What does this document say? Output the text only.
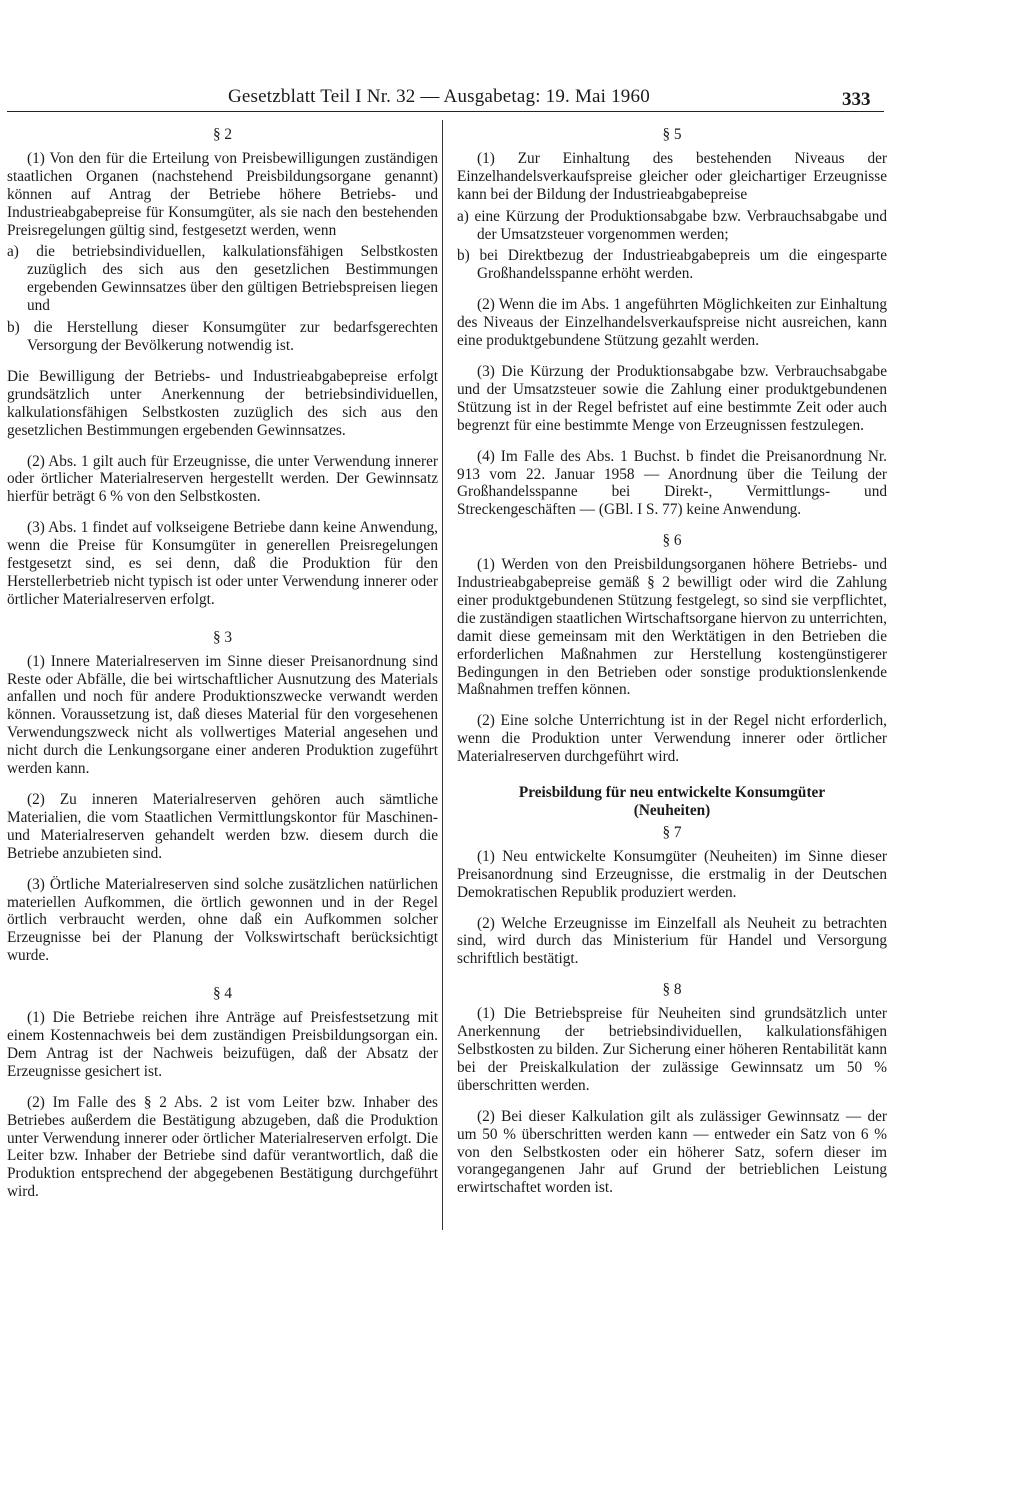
Gesetzblatt Teil I Nr. 32 — Ausgabetag: 19. Mai 1960	333
§ 2

(1) Von den für die Erteilung von Preisbewilligungen zuständigen staatlichen Organen (nachstehend Preisbildungsorgane genannt) können auf Antrag der Betriebe höhere Betriebs- und Industrieabgabepreise für Konsumgüter, als sie nach den bestehenden Preisregelungen gültig sind, festgesetzt werden, wenn

a) die betriebsindividuellen, kalkulationsfähigen Selbstkosten zuzüglich des sich aus den gesetzlichen Bestimmungen ergebenden Gewinnsatzes über den gültigen Betriebspreisen liegen und

b) die Herstellung dieser Konsumgüter zur bedarfsgerechten Versorgung der Bevölkerung notwendig ist.

Die Bewilligung der Betriebs- und Industrieabgabepreise erfolgt grundsätzlich unter Anerkennung der betriebsindividuellen, kalkulationsfähigen Selbstkosten zuzüglich des sich aus den gesetzlichen Bestimmungen ergebenden Gewinnsatzes.

(2) Abs. 1 gilt auch für Erzeugnisse, die unter Verwendung innerer oder örtlicher Materialreserven hergestellt werden. Der Gewinnsatz hierfür beträgt 6 % von den Selbstkosten.

(3) Abs. 1 findet auf volkseigene Betriebe dann keine Anwendung, wenn die Preise für Konsumgüter in generellen Preisregelungen festgesetzt sind, es sei denn, daß die Produktion für den Herstellerbetrieb nicht typisch ist oder unter Verwendung innerer oder örtlicher Materialreserven erfolgt.

§ 3

(1) Innere Materialreserven im Sinne dieser Preisanordnung sind Reste oder Abfälle, die bei wirtschaftlicher Ausnutzung des Materials anfallen und noch für andere Produktionszwecke verwandt werden können. Voraussetzung ist, daß dieses Material für den vorgesehenen Verwendungszweck nicht als vollwertiges Material angesehen und nicht durch die Lenkungsorgane einer anderen Produktion zugeführt werden kann.

(2) Zu inneren Materialreserven gehören auch sämtliche Materialien, die vom Staatlichen Vermittlungskontor für Maschinen- und Materialreserven gehandelt werden bzw. diesem durch die Betriebe anzubieten sind.

(3) Örtliche Materialreserven sind solche zusätzlichen natürlichen materiellen Aufkommen, die örtlich gewonnen und in der Regel örtlich verbraucht werden, ohne daß ein Aufkommen solcher Erzeugnisse bei der Planung der Volkswirtschaft berücksichtigt wurde.

§ 4

(1) Die Betriebe reichen ihre Anträge auf Preisfestsetzung mit einem Kostennachweis bei dem zuständigen Preisbildungsorgan ein. Dem Antrag ist der Nachweis beizufügen, daß der Absatz der Erzeugnisse gesichert ist.

(2) Im Falle des § 2 Abs. 2 ist vom Leiter bzw. Inhaber des Betriebes außerdem die Bestätigung abzugeben, daß die Produktion unter Verwendung innerer oder örtlicher Materialreserven erfolgt. Die Leiter bzw. Inhaber der Betriebe sind dafür verantwortlich, daß die Produktion entsprechend der abgegebenen Bestätigung durchgeführt wird.

§ 5

(1) Zur Einhaltung des bestehenden Niveaus der Einzelhandelsverkaufspreise gleicher oder gleichartiger Erzeugnisse kann bei der Bildung der Industrieabgabepreise

a) eine Kürzung der Produktionsabgabe bzw. Verbrauchsabgabe und der Umsatzsteuer vorgenommen werden;

b) bei Direktbezug der Industrieabgabepreis um die eingesparte Großhandelsspanne erhöht werden.

(2) Wenn die im Abs. 1 angeführten Möglichkeiten zur Einhaltung des Niveaus der Einzelhandelsverkaufspreise nicht ausreichen, kann eine produktgebundene Stützung gezahlt werden.

(3) Die Kürzung der Produktionsabgabe bzw. Verbrauchsabgabe und der Umsatzsteuer sowie die Zahlung einer produktgebundenen Stützung ist in der Regel befristet auf eine bestimmte Zeit oder auch begrenzt für eine bestimmte Menge von Erzeugnissen festzulegen.

(4) Im Falle des Abs. 1 Buchst. b findet die Preisanordnung Nr. 913 vom 22. Januar 1958 — Anordnung über die Teilung der Großhandelsspanne bei Direkt-, Vermittlungs- und Streckengeschäften — (GBl. I S. 77) keine Anwendung.

§ 6

(1) Werden von den Preisbildungsorganen höhere Betriebs- und Industrieabgabepreise gemäß § 2 bewilligt oder wird die Zahlung einer produktgebundenen Stützung festgelegt, so sind sie verpflichtet, die zuständigen staatlichen Wirtschaftsorgane hiervon zu unterrichten, damit diese gemeinsam mit den Werktätigen in den Betrieben die erforderlichen Maßnahmen zur Herstellung kostengünstigerer Bedingungen in den Betrieben oder sonstige produktionslenkende Maßnahmen treffen können.

(2) Eine solche Unterrichtung ist in der Regel nicht erforderlich, wenn die Produktion unter Verwendung innerer oder örtlicher Materialreserven durchgeführt wird.

Preisbildung für neu entwickelte Konsumgüter
(Neuheiten)
§ 7

(1) Neu entwickelte Konsumgüter (Neuheiten) im Sinne dieser Preisanordnung sind Erzeugnisse, die erstmalig in der Deutschen Demokratischen Republik produziert werden.

(2) Welche Erzeugnisse im Einzelfall als Neuheit zu betrachten sind, wird durch das Ministerium für Handel und Versorgung schriftlich bestätigt.

§ 8

(1) Die Betriebspreise für Neuheiten sind grundsätzlich unter Anerkennung der betriebsindividuellen, kalkulationsfähigen Selbstkosten zu bilden. Zur Sicherung einer höheren Rentabilität kann bei der Preiskalkulation der zulässige Gewinnsatz um 50 % überschritten werden.

(2) Bei dieser Kalkulation gilt als zulässiger Gewinnsatz — der um 50 % überschritten werden kann — entweder ein Satz von 6 % von den Selbstkosten oder ein höherer Satz, sofern dieser im vorangegangenen Jahr auf Grund der betrieblichen Leistung erwirtschaftet worden ist.
